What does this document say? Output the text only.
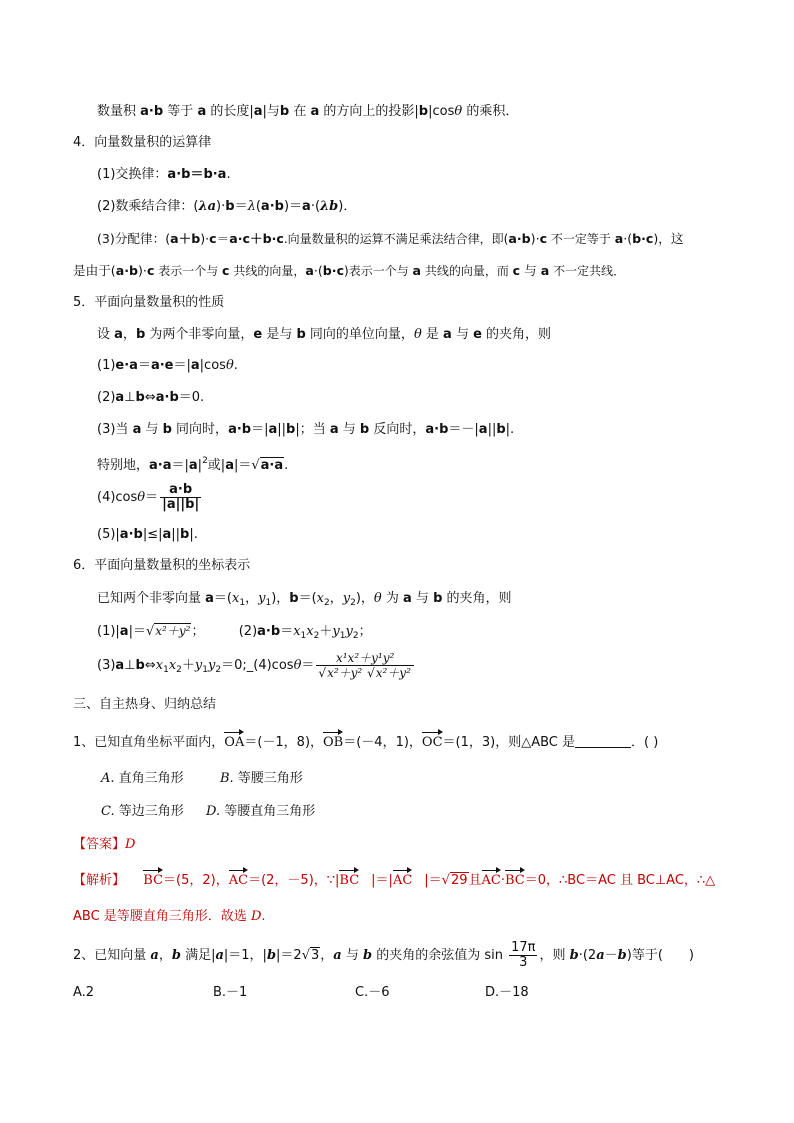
数量积 a·b 等于 a 的长度|a|与b 在 a 的方向上的投影|b|cosθ 的乘积．
4．向量数量积的运算律
(1)交换律：a·b＝b·a.
(2)数乘结合律：(λa)·b＝λ(a·b)＝a·(λb)．
(3)分配律：(a＋b)·c＝a·c＋b·c.向量数量积的运算不满足乘法结合律，即(a·b)·c 不一定等于 a·(b·c)，这
是由于(a·b)·c 表示一个与 c 共线的向量，a·(b·c)表示一个与 a 共线的向量，而 c 与 a 不一定共线．
5．平面向量数量积的性质
设 a，b 为两个非零向量，e 是与 b 同向的单位向量，θ 是 a 与 e 的夹角，则
(1)e·a＝a·e＝|a|cosθ.
(2)a⊥b⇔a·b＝0.
(3)当 a 与 b 同向时，a·b＝|a||b|；当 a 与 b 反向时，a·b＝－|a||b|.
特别地，$a\cdot a=|a|^2$或|a|＝√a·a.
$(4)\cos\theta= \frac{a\cdot b}{|a||b|}$
(5)|a·b|≤|a||b|.
6．平面向量数量积的坐标表示
已知两个非零向量 $a=(x_1$，$y_1$)，$b=(x_2$，$y_2$)，θ 为 a 与 b 的夹角，则
(1)|a|＝√x²＋y²；	$(2)a\cdot b=x_1x_2+y_1y_2$；
$(3)a\perp b\Leftrightarrow x_1x_2+y_1y_2=0;\_(4)\cos\theta= \frac{\text{x¹x²＋y¹y²}}{\text{√x²＋y² √x²＋y²}}$
三、自主热身、归纳总结
1、已知直角坐标平面内，OA＝(－1，8)，OB＝(－4，1)，OC＝(1，3)，则△ABC 是	．( )
A. 直角三角形	B. 等腰三角形
C. 等边三角形 D. 等腰直角三角形
【答案】D
【解析】 BC＝(5，2)，AC＝(2，－5)，∵|BC |＝|AC |＝√29且AC·BC＝0，∴BC＝AC 且 BC⊥AC，∴△
ABC 是等腰直角三角形．故选 D.
2、已知向量 a，b 满足|a|＝1，|b|＝2√3，a 与 b 的夹角的余弦值为 $\sin \frac{17\pi}{3}$ ，则 b·(2a－b)等于(　　)
A.2	B.－1	C.－6	D.－18
